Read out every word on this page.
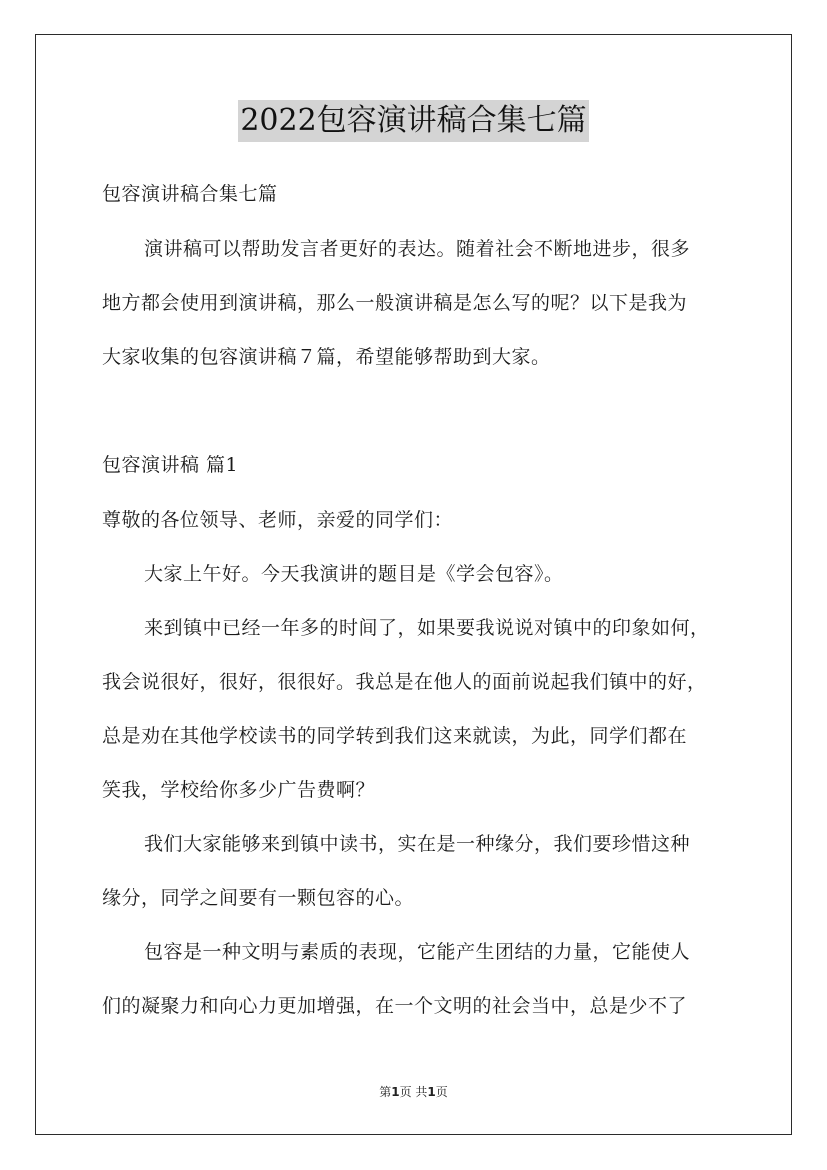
2022包容演讲稿合集七篇
包容演讲稿合集七篇
演讲稿可以帮助发言者更好的表达。随着社会不断地进步，很多
地方都会使用到演讲稿，那么一般演讲稿是怎么写的呢？以下是我为
大家收集的包容演讲稿７篇，希望能够帮助到大家。
包容演讲稿 篇1
尊敬的各位领导、老师，亲爱的同学们：
大家上午好。今天我演讲的题目是《学会包容》。
来到镇中已经一年多的时间了，如果要我说说对镇中的印象如何，
我会说很好，很好，很很好。我总是在他人的面前说起我们镇中的好，
总是劝在其他学校读书的同学转到我们这来就读，为此，同学们都在
笑我，学校给你多少广告费啊？
我们大家能够来到镇中读书，实在是一种缘分，我们要珍惜这种
缘分，同学之间要有一颗包容的心。
包容是一种文明与素质的表现，它能产生团结的力量，它能使人
们的凝聚力和向心力更加增强，在一个文明的社会当中，总是少不了
第1页 共1页
